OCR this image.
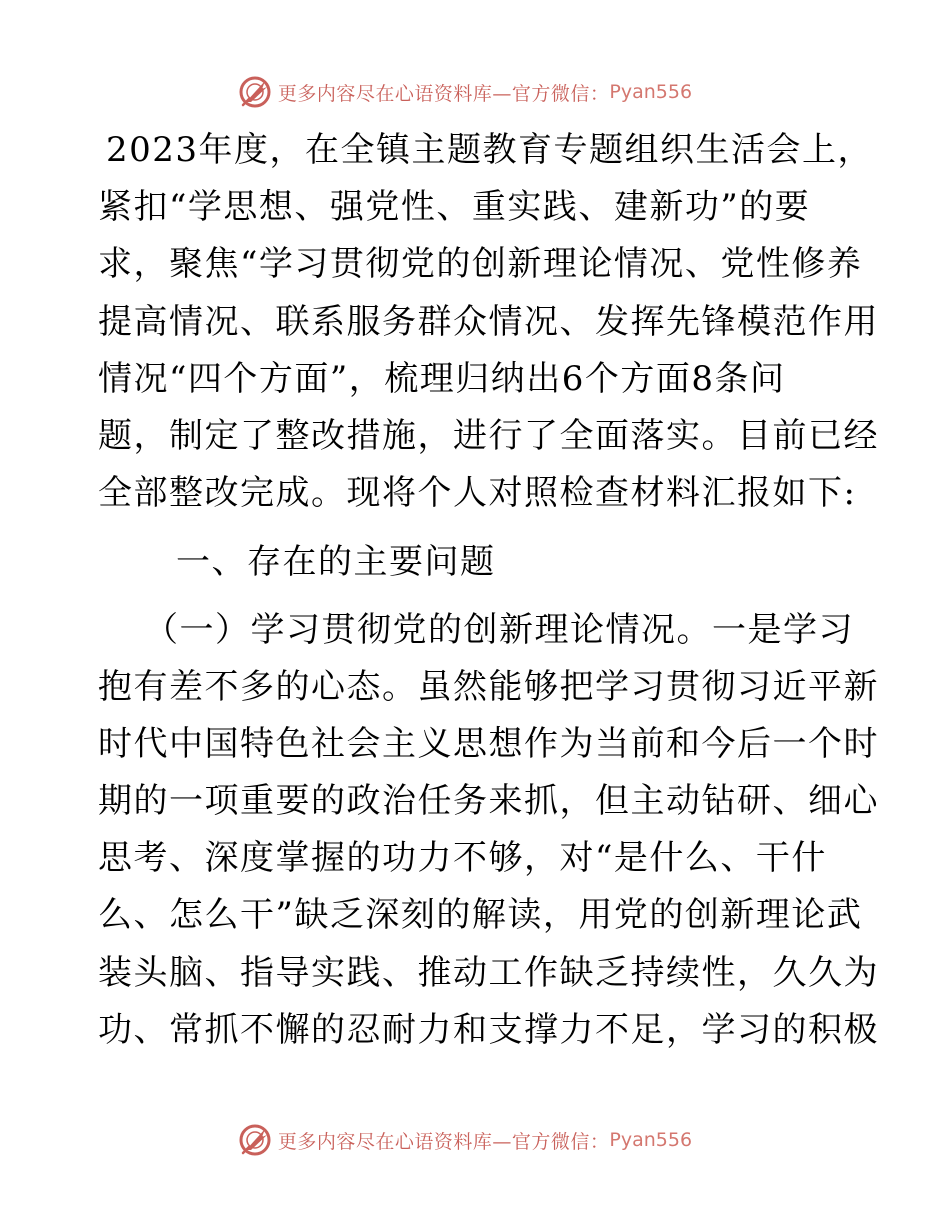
更多内容尽在心语资料库—官方微信： Pyan556
2023年度，在全镇主题教育专题组织生活会上，
紧扣“学思想、强党性、重实践、建新功”的要
求，聚焦“学习贯彻党的创新理论情况、党性修养
提高情况、联系服务群众情况、发挥先锋模范作用
情况“四个方面”，梳理归纳出6个方面8条问
题，制定了整改措施，进行了全面落实。目前已经
全部整改完成。现将个人对照检查材料汇报如下:
一、存在的主要问题
（一）学习贯彻党的创新理论情况。一是学习
抱有差不多的心态。虽然能够把学习贯彻习近平新
时代中国特色社会主义思想作为当前和今后一个时
期的一项重要的政治任务来抓，但主动钻研、细心
思考、深度掌握的功力不够，对“是什么、干什
么、怎么干”缺乏深刻的解读，用党的创新理论武
装头脑、指导实践、推动工作缺乏持续性，久久为
功、常抓不懈的忍耐力和支撑力不足，学习的积极
更多内容尽在心语资料库—官方微信： Pyan556
